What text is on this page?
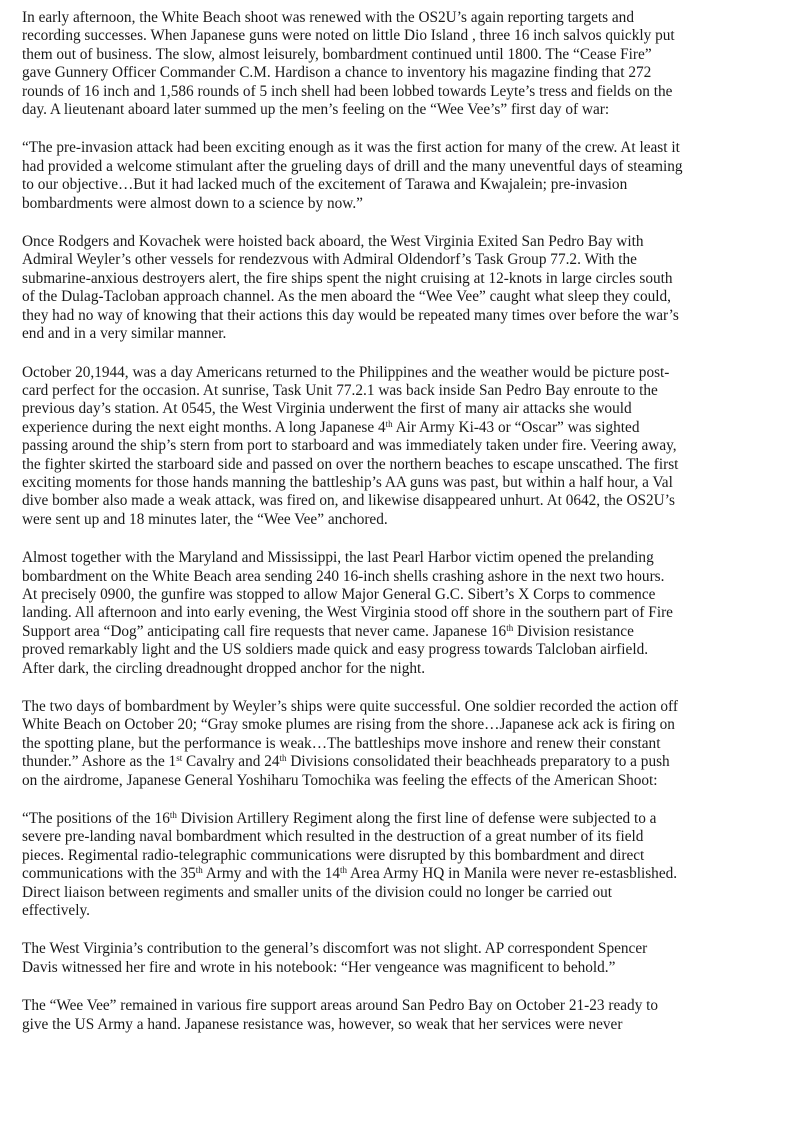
In early afternoon, the White Beach shoot was renewed with the OS2U’s again reporting targets and
recording successes. When Japanese guns were noted on little Dio Island , three 16 inch salvos quickly put
them out of business. The slow, almost leisurely, bombardment continued until 1800. The “Cease Fire”
gave Gunnery Officer Commander C.M. Hardison a chance to inventory his magazine finding that 272
rounds of 16 inch and 1,586 rounds of 5 inch shell had been lobbed towards Leyte’s tress and fields on the
day. A lieutenant aboard later summed up the men’s feeling on the “Wee Vee’s” first day of war:
“The pre-invasion attack had been exciting enough as it was the first action for many of the crew. At least it
had provided a welcome stimulant after the grueling days of drill and the many uneventful days of steaming
to our objective…But it had lacked much of the excitement of Tarawa and Kwajalein; pre-invasion
bombardments were almost down to a science by now.”
Once Rodgers and Kovachek were hoisted back aboard, the West Virginia Exited San Pedro Bay with
Admiral Weyler’s other vessels for rendezvous with Admiral Oldendorf’s Task Group 77.2. With the
submarine-anxious destroyers alert, the fire ships spent the night cruising at 12-knots in large circles south
of the Dulag-Tacloban approach channel. As the men aboard the “Wee Vee” caught what sleep they could,
they had no way of knowing that their actions this day would be repeated many times over before the war’s
end and in a very similar manner.
October 20,1944, was a day Americans returned to the Philippines and the weather would be picture post-
card perfect for the occasion. At sunrise, Task Unit 77.2.1 was back inside San Pedro Bay enroute to the
previous day’s station. At 0545, the West Virginia underwent the first of many air attacks she would
experience during the next eight months. A long Japanese 4th Air Army Ki-43 or “Oscar” was sighted
passing around the ship’s stern from port to starboard and was immediately taken under fire. Veering away,
the fighter skirted the starboard side and passed on over the northern beaches to escape unscathed. The first
exciting moments for those hands manning the battleship’s AA guns was past, but within a half hour, a Val
dive bomber also made a weak attack, was fired on, and likewise disappeared unhurt. At 0642, the OS2U’s
were sent up and 18 minutes later, the “Wee Vee” anchored.
Almost together with the Maryland and Mississippi, the last Pearl Harbor victim opened the prelanding
bombardment on the White Beach area sending 240 16-inch shells crashing ashore in the next two hours.
At precisely 0900, the gunfire was stopped to allow Major General G.C. Sibert’s X Corps to commence
landing. All afternoon and into early evening, the West Virginia stood off shore in the southern part of Fire
Support area “Dog” anticipating call fire requests that never came. Japanese 16th Division resistance
proved remarkably light and the US soldiers made quick and easy progress towards Talcloban airfield.
After dark, the circling dreadnought dropped anchor for the night.
The two days of bombardment by Weyler’s ships were quite successful. One soldier recorded the action off
White Beach on October 20; “Gray smoke plumes are rising from the shore…Japanese ack ack is firing on
the spotting plane, but the performance is weak…The battleships move inshore and renew their constant
thunder.” Ashore as the 1st Cavalry and 24th Divisions consolidated their beachheads preparatory to a push
on the airdrome, Japanese General Yoshiharu Tomochika was feeling the effects of the American Shoot:
“The positions of the 16th Division Artillery Regiment along the first line of defense were subjected to a
severe pre-landing naval bombardment which resulted in the destruction of a great number of its field
pieces. Regimental radio-telegraphic communications were disrupted by this bombardment and direct
communications with the 35th Army and with the 14th Area Army HQ in Manila were never re-estasblished.
Direct liaison between regiments and smaller units of the division could no longer be carried out
effectively.
The West Virginia’s contribution to the general’s discomfort was not slight. AP correspondent Spencer
Davis witnessed her fire and wrote in his notebook: “Her vengeance was magnificent to behold.”
The “Wee Vee” remained in various fire support areas around San Pedro Bay on October 21-23 ready to
give the US Army a hand. Japanese resistance was, however, so weak that her services were never
